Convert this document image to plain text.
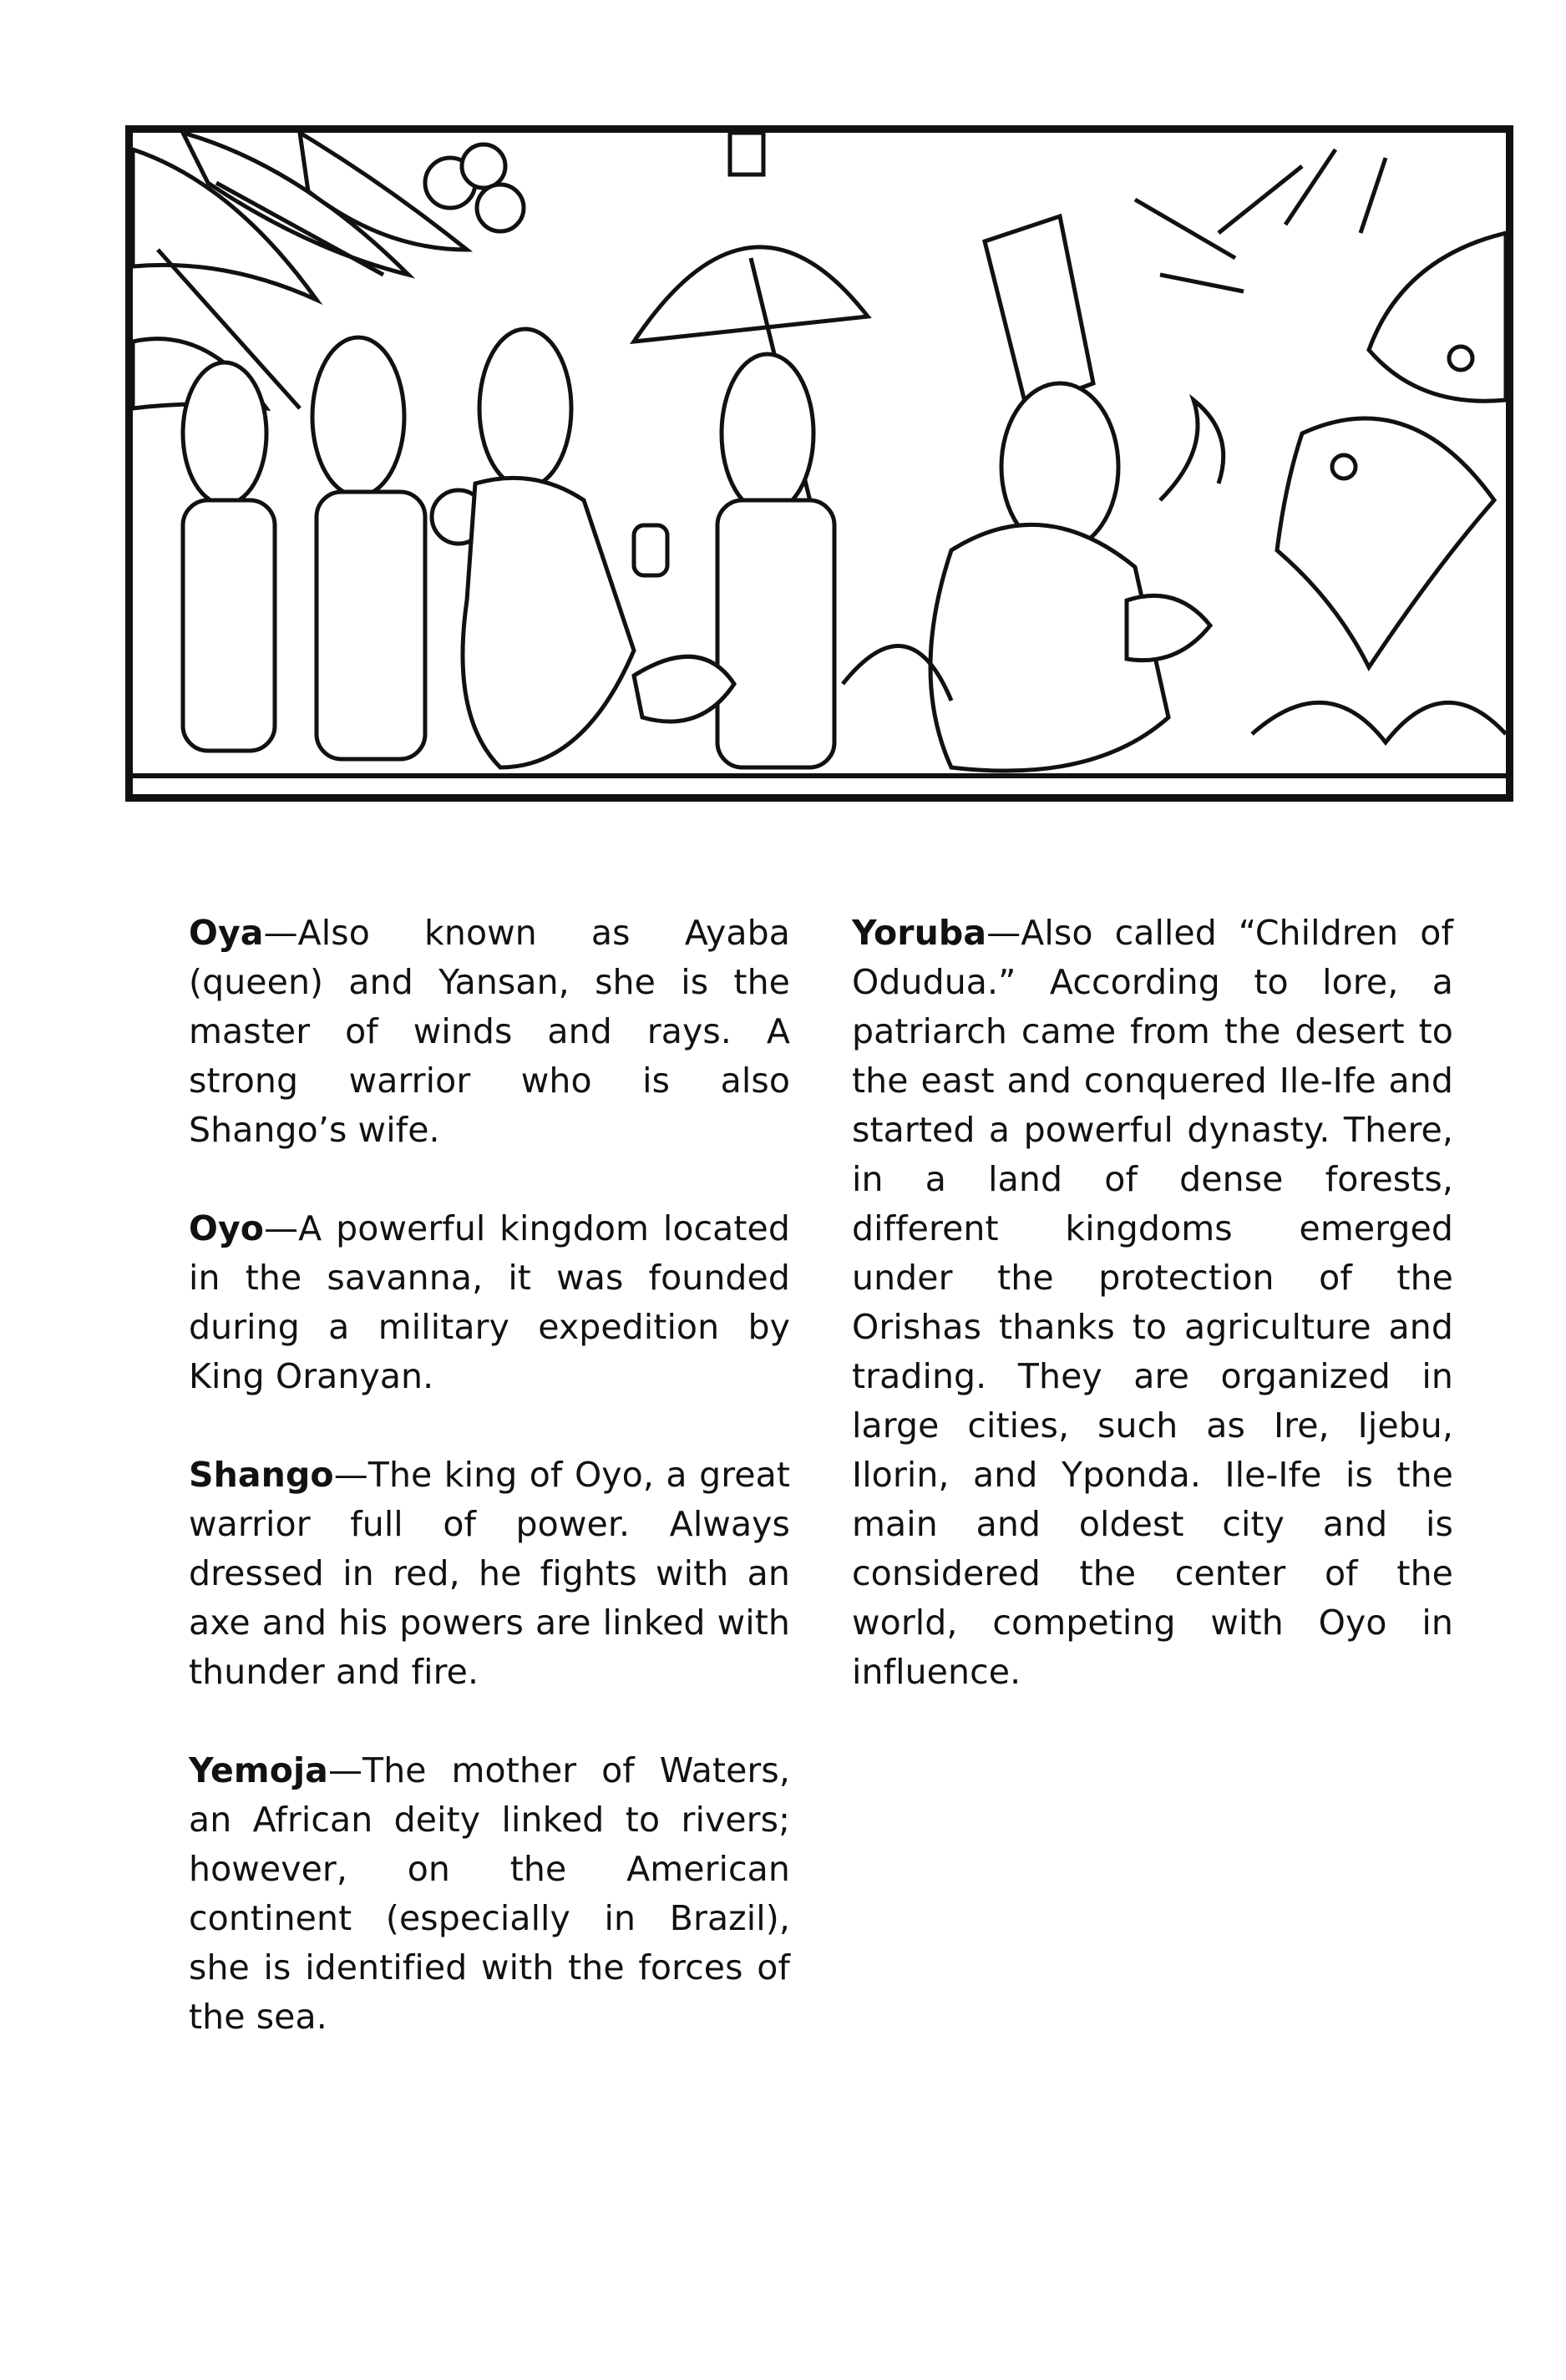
Oya—Also known as Ayaba (queen) and Yansan, she is the master of winds and rays. A strong warrior who is also Shango’s wife.

Oyo—A powerful kingdom located in the savanna, it was founded during a military expedition by King Oranyan.

Shango—The king of Oyo, a great warrior full of power. Always dressed in red, he fights with an axe and his powers are linked with thunder and fire.

Yemoja—The mother of Waters, an African deity linked to rivers; however, on the American continent (especially in Brazil), she is identified with the forces of the sea.

Yoruba—Also called “Children of Odudua.” According to lore, a patriarch came from the desert to the east and conquered Ile-Ife and started a powerful dynasty. There, in a land of dense forests, different kingdoms emerged under the protection of the Orishas thanks to agriculture and trading. They are organized in large cities, such as Ire, Ijebu, Ilorin, and Yponda. Ile-Ife is the main and oldest city and is considered the center of the world, competing with Oyo in influence.
